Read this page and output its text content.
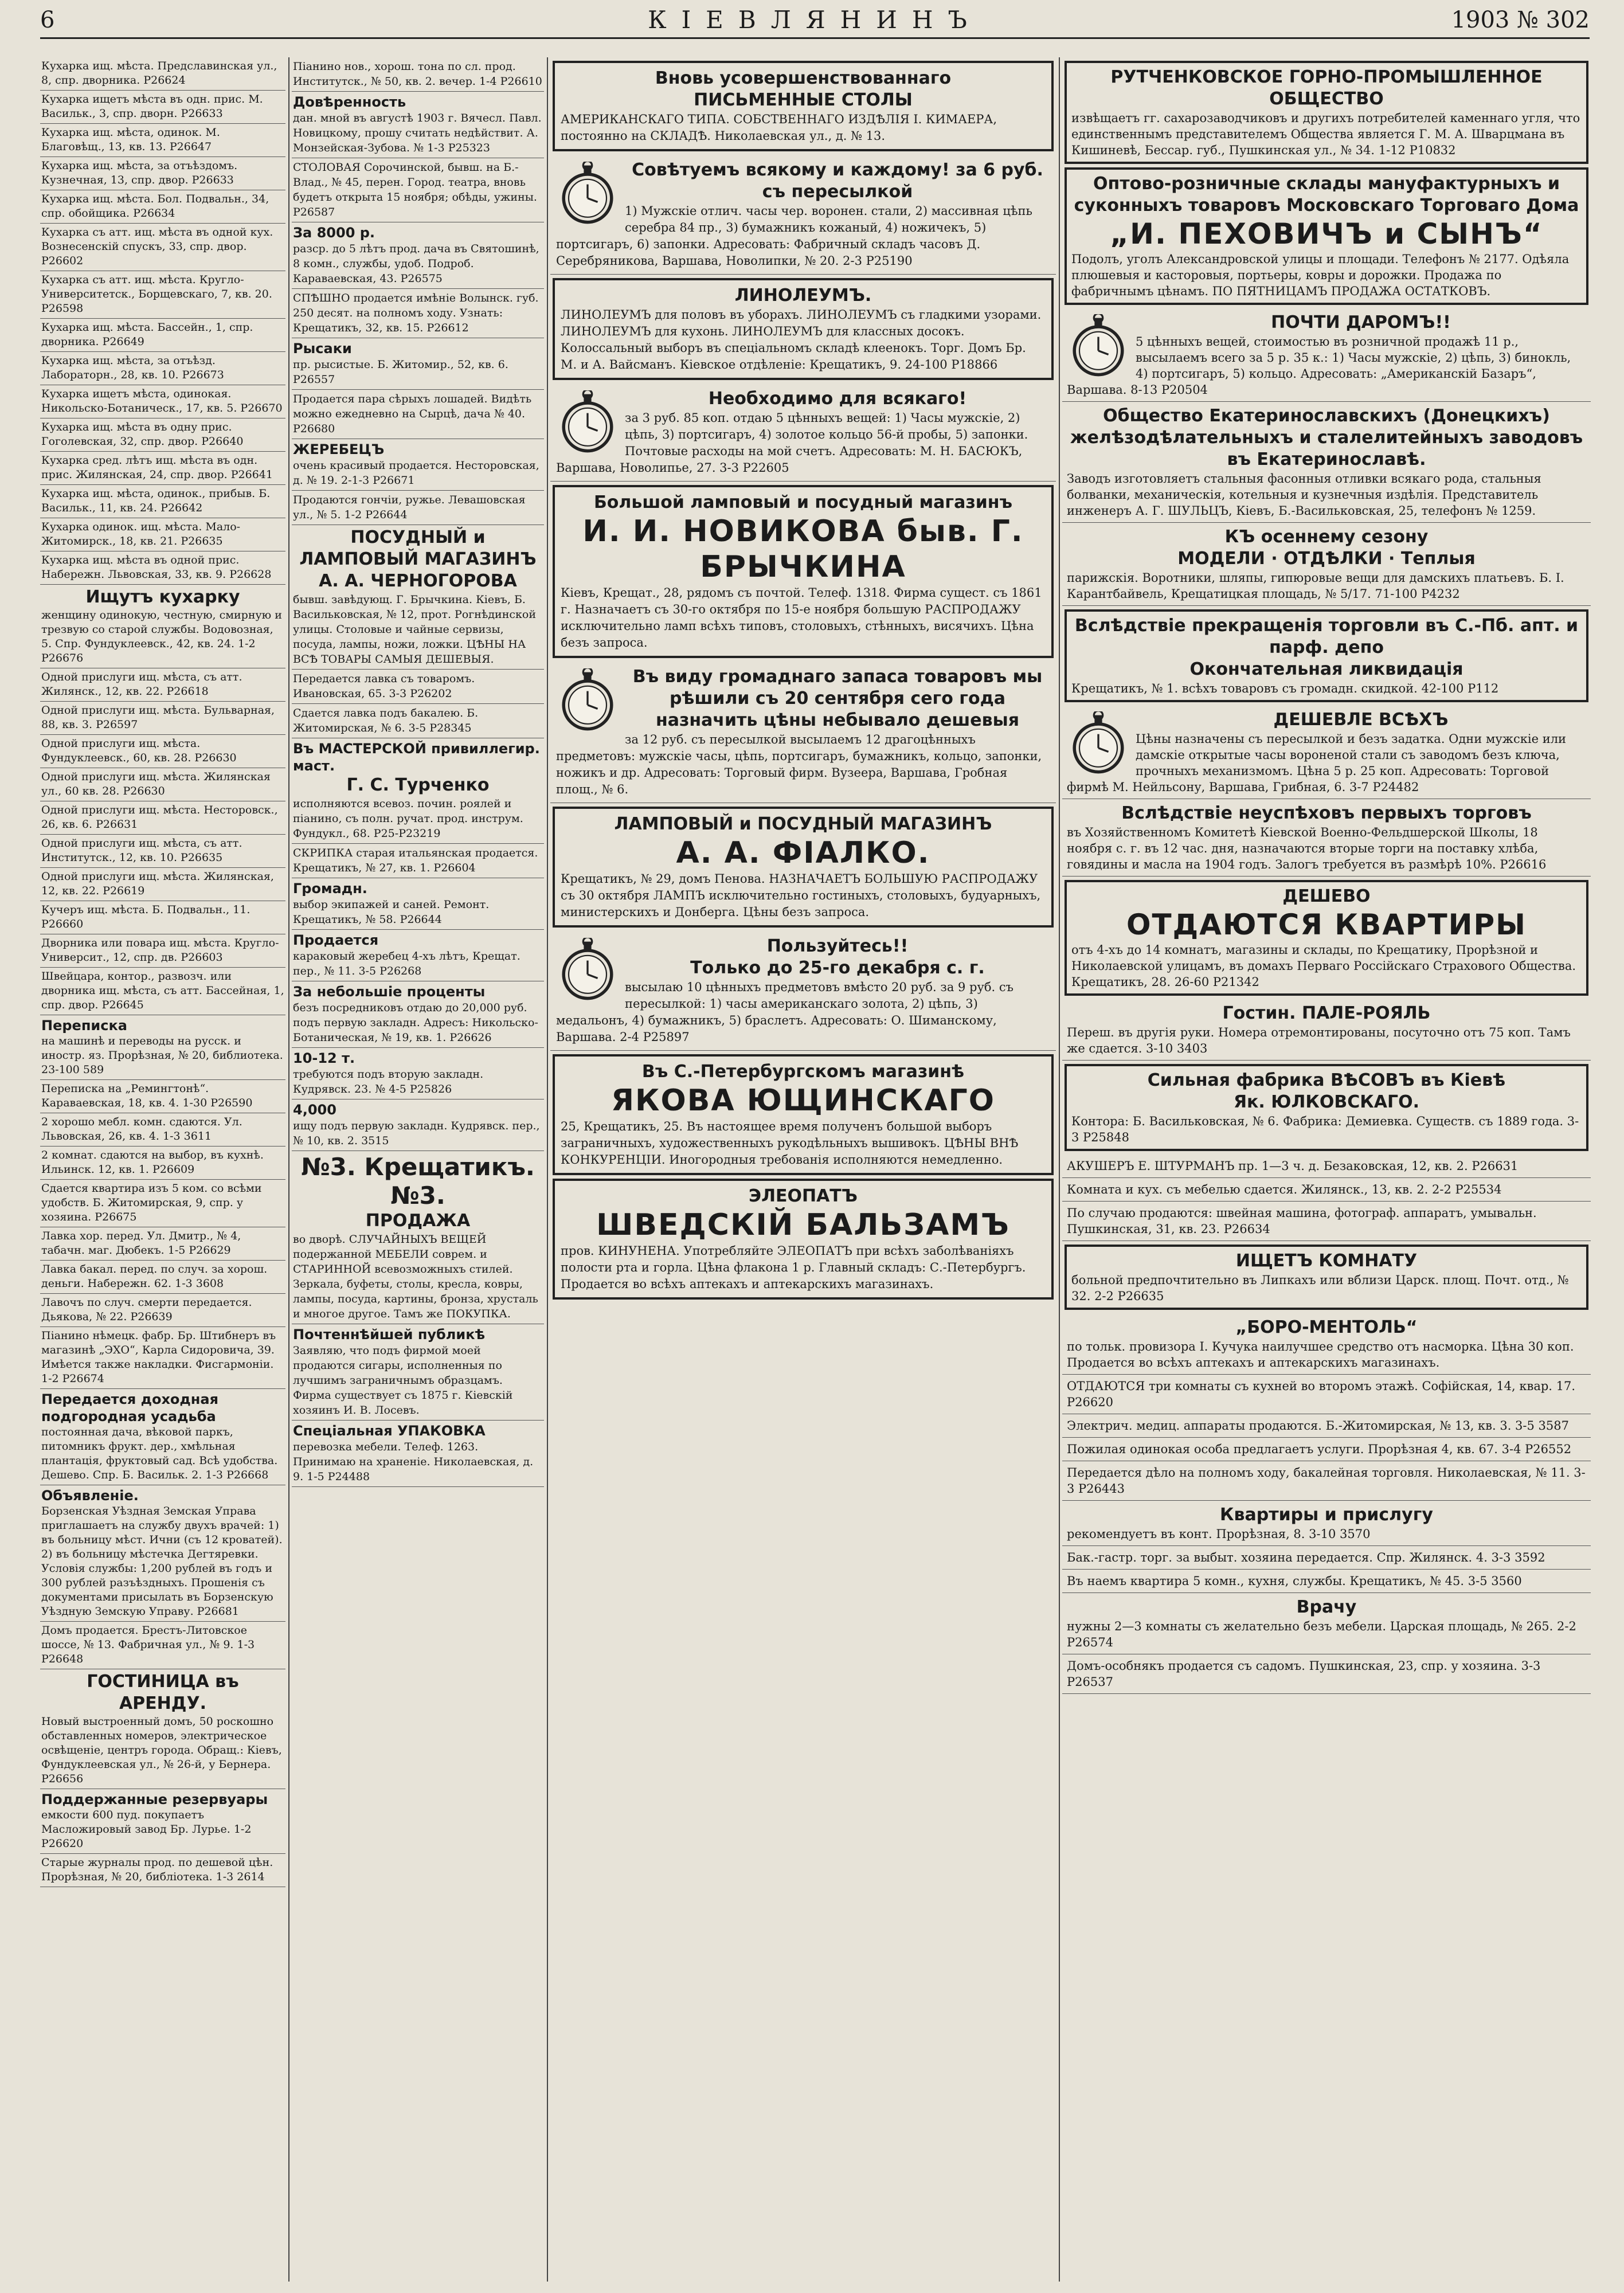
6	КІЕВЛЯНИНЪ	1903 № 302
Кухарка ищ. мѣста. Предславинская ул., 8, спр. дворника. Р26624
Кухарка ищетъ мѣста въ одн. прис. М. Васильк., 3, спр. дворн. Р26633
Кухарка ищ. мѣста, одинок. М. Благовѣщ., 13, кв. 13. Р26647
Кухарка ищ. мѣста, за отъѣздомъ. Кузнечная, 13, спр. двор. Р26633
Кухарка ищ. мѣста. Бол. Подвальн., 34, спр. обойщика. Р26634
Кухарка съ атт. ищ. мѣста въ одной кух. Вознесенскій спускъ, 33, спр. двор. Р26602
Кухарка съ атт. ищ. мѣста. Кругло-Университетск., Борщевскаго, 7, кв. 20. Р26598
Кухарка ищ. мѣста. Бассейн., 1, спр. дворника. Р26649
Кухарка ищ. мѣста, за отъѣзд. Лабораторн., 28, кв. 10. Р26673
Кухарка ищетъ мѣста, одинокая. Никольско-Ботаническ., 17, кв. 5. Р26670
Кухарка ищ. мѣста въ одну прис. Гоголевская, 32, спр. двор. Р26640
Кухарка сред. лѣтъ ищ. мѣста въ одн. прис. Жилянская, 24, спр. двор. Р26641
Кухарка ищ. мѣста, одинок., прибыв. Б. Васильк., 11, кв. 24. Р26642
Кухарка одинок. ищ. мѣста. Мало-Житомирск., 18, кв. 21. Р26635
Кухарка ищ. мѣста въ одной прис. Набережн. Львовская, 33, кв. 9. Р26628
Ищутъ кухарку
женщину одинокую, честную, смирную и трезвую со старой службы. Водовозная, 5. Спр. Фундуклеевск., 42, кв. 24. 1-2 Р26676
Одной прислуги ищ. мѣста, съ атт. Жилянск., 12, кв. 22. Р26618
Одной прислуги ищ. мѣста. Бульварная, 88, кв. 3. Р26597
Одной прислуги ищ. мѣста. Фундуклеевск., 60, кв. 28. Р26630
Одной прислуги ищ. мѣста. Жилянская ул., 60 кв. 28. Р26630
Одной прислуги ищ. мѣста. Несторовск., 26, кв. 6. Р26631
Одной прислуги ищ. мѣста, съ атт. Институтск., 12, кв. 10. Р26635
Одной прислуги ищ. мѣста. Жилянская, 12, кв. 22. Р26619
Кучеръ ищ. мѣста. Б. Подвальн., 11. Р26660
Дворника или повара ищ. мѣста. Кругло-Университ., 12, спр. дв. Р26603
Швейцара, контор., развозч. или дворника ищ. мѣста, съ атт. Бассейная, 1, спр. двор. Р26645
Переписка
на машинѣ и переводы на русск. и иностр. яз. Прорѣзная, № 20, библиотека. 23-100 589
Переписка на „Ремингтонѣ“. Караваевская, 18, кв. 4. 1-30 Р26590
2 хорошо мебл. комн. сдаются. Ул. Львовская, 26, кв. 4. 1-3 3611
2 комнат. сдаются на выбор, въ кухнѣ. Ильинск. 12, кв. 1. Р26609
Сдается квартира изъ 5 ком. со всѣми удобств. Б. Житомирская, 9, спр. у хозяина. Р26675
Лавка хор. перед. Ул. Дмитр., № 4, табачн. маг. Дюбекъ. 1-5 Р26629
Лавка бакал. перед. по случ. за хорош. деньги. Набережн. 62. 1-3 3608
Лавочъ по случ. смерти передается. Дьякова, № 22. Р26639
Піанино нѣмецк. фабр. Бр. Штибнеръ въ магазинѣ „ЭХО“, Карла Сидоровича, 39. Имѣется также накладки. Фисгармоніи. 1-2 Р26674
Передается доходная подгородная усадьба
постоянная дача, вѣковой паркъ, питомникъ фрукт. дер., хмѣльная плантація, фруктовый сад. Всѣ удобства. Дешево. Спр. Б. Васильк. 2. 1-3 Р26668
Объявленіе.
Борзенская Уѣздная Земская Управа приглашаетъ на службу двухъ врачей: 1) въ больницу мѣст. Ични (съ 12 кроватей). 2) въ больницу мѣстечка Дегтяревки. Условія службы: 1,200 рублей въ годъ и 300 рублей разъѣздныхъ. Прошенія съ документами присылать въ Борзенскую Уѣздную Земскую Управу. Р26681
Домъ продается. Брестъ-Литовское шоссе, № 13. Фабричная ул., № 9. 1-3 Р26648
ГОСТИНИЦА въ АРЕНДУ.
Новый выстроенный домъ, 50 роскошно обставленных номеров, электрическое освѣщеніе, центръ города. Обращ.: Кіевъ, Фундуклеевская ул., № 26-й, у Бернера. Р26656
Поддержанные резервуары
емкости 600 пуд. покупаетъ Масложировый завод Бр. Лурье. 1-2 Р26620
Старые журналы прод. по дешевой цѣн. Прорѣзная, № 20, библіотека. 1-3 2614
Піанино нов., хорош. тона по сл. прод. Институтск., № 50, кв. 2. вечер. 1-4 Р26610
Довѣренность
дан. мной въ августѣ 1903 г. Вячесл. Павл. Новицкому, прошу считать недѣйствит. А. Монзейская-Зубова. № 1-3 Р25323
СТОЛОВАЯ Сорочинской, бывш. на Б.-Влад., № 45, перен. Город. театра, вновь будетъ открыта 15 ноября; обѣды, ужины. Р26587
За 8000 р.
разср. до 5 лѣтъ прод. дача въ Святошинѣ, 8 комн., службы, удоб. Подроб. Караваевская, 43. Р26575
СПѢШНО продается имѣніе Волынск. губ. 250 десят. на полномъ ходу. Узнать: Крещатикъ, 32, кв. 15. Р26612
Рысаки
пр. рысистые. Б. Житомир., 52, кв. 6. Р26557
Продается пара сѣрыхъ лошадей. Видѣть можно ежедневно на Сырцѣ, дача № 40. Р26680
ЖЕРЕБЕЦЪ
очень красивый продается. Несторовская, д. № 19. 2-1-3 Р26671
Продаются гончіи, ружье. Левашовская ул., № 5. 1-2 Р26644
ПОСУДНЫЙ и ЛАМПОВЫЙ МАГАЗИНЪ
А. А. ЧЕРНОГОРОВА
бывш. завѣдующ. Г. Брычкина. Кіевъ, Б. Васильковская, № 12, прот. Рогнѣдинской улицы. Столовые и чайные сервизы, посуда, лампы, ножи, ложки. ЦѢНЫ НА ВСѢ ТОВАРЫ САМЫЯ ДЕШЕВЫЯ.
Передается лавка съ товаромъ. Ивановская, 65. 3-3 Р26202
Сдается лавка подъ бакалею. Б. Житомирская, № 6. 3-5 Р28345
Въ МАСТЕРСКОЙ привиллегир. маст.
Г. С. Турченко
исполняются всевоз. почин. роялей и піанино, съ полн. ручат. прод. инструм. Фундукл., 68. Р25-Р23219
СКРИПКА старая итальянская продается. Крещатикъ, № 27, кв. 1. Р26604
Громадн.
выбор экипажей и саней. Ремонт. Крещатикъ, № 58. Р26644
Продается
караковый жеребец 4-хъ лѣтъ, Крещат. пер., № 11. 3-5 Р26268
За небольшіе проценты
безъ посредниковъ отдаю до 20,000 руб. подъ первую закладн. Адресъ: Никольско-Ботаническая, № 19, кв. 1. Р26626
10-12 т.
требуются подъ вторую закладн. Кудрявск. 23. № 4-5 Р25826
4,000
ищу подъ первую закладн. Кудрявск. пер., № 10, кв. 2. 3515
№3. Крещатикъ. №3.
ПРОДАЖА
во дворѣ. СЛУЧАЙНЫХЪ ВЕЩЕЙ подержанной МЕБЕЛИ соврем. и СТАРИННОЙ всевозможныхъ стилей. Зеркала, буфеты, столы, кресла, ковры, лампы, посуда, картины, бронза, хрусталь и многое другое. Тамъ же ПОКУПКА.
Почтеннѣйшей публикѣ
Заявляю, что подъ фирмой моей продаются сигары, исполненныя по лучшимъ заграничнымъ образцамъ. Фирма существует съ 1875 г. Кіевскій хозяинъ И. В. Лосевъ.
Спеціальная УПАКОВКА
перевозка мебели. Телеф. 1263. Принимаю на храненіе. Николаевская, д. 9. 1-5 Р24488
Вновь усовершенствованнаго
ПИСЬМЕННЫЕ СТОЛЫ
АМЕРИКАНСКАГО ТИПА. СОБСТВЕННАГО ИЗДѢЛІЯ І. КИМАЕРА, постоянно на СКЛАДѢ. Николаевская ул., д. № 13.
Совѣтуемъ всякому и каждому! за 6 руб. съ пересылкой
1) Мужскіе отлич. часы чер. воронен. стали, 2) массивная цѣпь серебра 84 пр., 3) бумажникъ кожаный, 4) ножичекъ, 5) портсигаръ, 6) запонки. Адресовать: Фабричный складъ часовъ Д. Серебряникова, Варшава, Новолипки, № 20. 2-3 Р25190
ЛИНОЛЕУМЪ.
ЛИНОЛЕУМЪ для половъ въ уборахъ. ЛИНОЛЕУМЪ съ гладкими узорами. ЛИНОЛЕУМЪ для кухонь. ЛИНОЛЕУМЪ для классных досокъ. Колоссальный выборъ въ спеціальномъ складѣ клеенокъ. Торг. Домъ Бр. М. и А. Вайсманъ. Кіевское отдѣленіе: Крещатикъ, 9. 24-100 Р18866
Необходимо для всякаго!
за 3 руб. 85 коп. отдаю 5 цѣнныхъ вещей: 1) Часы мужскіе, 2) цѣпь, 3) портсигаръ, 4) золотое кольцо 56-й пробы, 5) запонки. Почтовые расходы на мой счетъ. Адресовать: М. Н. БАСЮКЪ, Варшава, Новолипье, 27. 3-3 Р22605
Большой ламповый и посудный магазинъ
И. И. НОВИКОВА быв. Г. БРЫЧКИНА
Кіевъ, Крещат., 28, рядомъ съ почтой. Телеф. 1318. Фирма сущест. съ 1861 г. Назначаетъ съ 30-го октября по 15-е ноября большую РАСПРОДАЖУ исключительно ламп всѣхъ типовъ, столовыхъ, стѣнныхъ, висячихъ. Цѣна безъ запроса.
Въ виду громаднаго запаса товаровъ мы рѣшили съ 20 сентября сего года назначить цѣны небывало дешевыя
за 12 руб. съ пересылкой высылаемъ 12 драгоцѣнныхъ предметовъ: мужскіе часы, цѣпь, портсигаръ, бумажникъ, кольцо, запонки, ножикъ и др. Адресовать: Торговый фирм. Вузеера, Варшава, Гробная площ., № 6.
ЛАМПОВЫЙ и ПОСУДНЫЙ МАГАЗИНЪ
А. А. ФІАЛКО.
Крещатикъ, № 29, домъ Пенова. НАЗНАЧАЕТЪ БОЛЬШУЮ РАСПРОДАЖУ съ 30 октября ЛАМПЪ исключительно гостиныхъ, столовыхъ, будуарныхъ, министерскихъ и Донберга. Цѣны безъ запроса.
Пользуйтесь!!
Только до 25-го декабря с. г.
высылаю 10 цѣнныхъ предметовъ вмѣсто 20 руб. за 9 руб. съ пересылкой: 1) часы американскаго золота, 2) цѣпь, 3) медальонъ, 4) бумажникъ, 5) браслетъ. Адресовать: О. Шиманскому, Варшава. 2-4 Р25897
Въ С.-Петербургскомъ магазинѣ
ЯКОВА ЮЩИНСКАГО
25, Крещатикъ, 25. Въ настоящее время полученъ большой выборъ заграничныхъ, художественныхъ рукодѣльныхъ вышивокъ. ЦѢНЫ ВНѢ КОНКУРЕНЦІИ. Иногородныя требованія исполняются немедленно.
ЭЛЕОПАТЪ
ШВЕДСКІЙ БАЛЬЗАМЪ
пров. КИНУНЕНА. Употребляйте ЭЛЕОПАТЪ при всѣхъ заболѣваніяхъ полости рта и горла. Цѣна флакона 1 р. Главный складъ: С.-Петербургъ. Продается во всѣхъ аптекахъ и аптекарскихъ магазинахъ.
РУТЧЕНКОВСКОЕ ГОРНО-ПРОМЫШЛЕННОЕ ОБЩЕСТВО
извѣщаетъ гг. сахарозаводчиковъ и другихъ потребителей каменнаго угля, что единственнымъ представителемъ Общества является Г. М. А. Шварцмана въ Кишиневѣ, Бессар. губ., Пушкинская ул., № 34. 1-12 Р10832
Оптово-розничные склады мануфактурныхъ и суконныхъ товаровъ Московскаго Торговаго Дома
„И. ПЕХОВИЧЪ и СЫНЪ“
Подолъ, уголъ Александровской улицы и площади. Телефонъ № 2177. Одѣяла плюшевыя и касторовыя, портьеры, ковры и дорожки. Продажа по фабричнымъ цѣнамъ. ПО ПЯТНИЦАМЪ ПРОДАЖА ОСТАТКОВЪ.
ПОЧТИ ДАРОМЪ!!
5 цѣнныхъ вещей, стоимостью въ розничной продажѣ 11 р., высылаемъ всего за 5 р. 35 к.: 1) Часы мужскіе, 2) цѣпь, 3) бинокль, 4) портсигаръ, 5) кольцо. Адресовать: „Американскій Базаръ“, Варшава. 8-13 Р20504
Общество Екатеринославскихъ (Донецкихъ) желѣзодѣлательныхъ и сталелитейныхъ заводовъ въ Екатеринославѣ.
Заводъ изготовляетъ стальныя фасонныя отливки всякаго рода, стальныя болванки, механическія, котельныя и кузнечныя издѣлія. Представитель инженеръ А. Г. ШУЛЬЦЪ, Кіевъ, Б.-Васильковская, 25, телефонъ № 1259.
КЪ осеннему сезону
МОДЕЛИ · ОТДѢЛКИ · Теплыя
парижскія. Воротники, шляпы, гипюровые вещи для дамскихъ платьевъ. Б. І. Карантбайвель, Крещатицкая площадь, № 5/17. 71-100 Р4232
Вслѣдствіе прекращенія торговли въ С.-Пб. апт. и парф. депо
Окончательная ликвидація
Крещатикъ, № 1. всѣхъ товаровъ съ громадн. скидкой. 42-100 Р112
ДЕШЕВЛЕ ВСѢХЪ
Цѣны назначены съ пересылкой и безъ задатка. Одни мужскіе или дамскіе открытые часы вороненой стали съ заводомъ безъ ключа, прочныхъ механизмомъ. Цѣна 5 р. 25 коп. Адресовать: Торговой фирмѣ М. Нейльсону, Варшава, Грибная, 6. 3-7 Р24482
Вслѣдствіе неуспѣховъ первыхъ торговъ
въ Хозяйственномъ Комитетѣ Кіевской Военно-Фельдшерской Школы, 18 ноября с. г. въ 12 час. дня, назначаются вторые торги на поставку хлѣба, говядины и масла на 1904 годъ. Залогъ требуется въ размѣрѣ 10%. Р26616
ДЕШЕВО
ОТДАЮТСЯ КВАРТИРЫ
отъ 4-хъ до 14 комнатъ, магазины и склады, по Крещатику, Прорѣзной и Николаевской улицамъ, въ домахъ Перваго Россійскаго Страхового Общества. Крещатикъ, 28. 26-60 Р21342
Гостин. ПАЛЕ-РОЯЛЬ
Переш. въ другія руки. Номера отремонтированы, посуточно отъ 75 коп. Тамъ же сдается. 3-10 3403
Сильная фабрика ВѢСОВЪ въ Кіевѣ
Як. ЮЛКОВСКАГО.
Контора: Б. Васильковская, № 6. Фабрика: Демиевка. Существ. съ 1889 года. 3-3 Р25848
АКУШЕРЪ Е. ШТУРМАНЪ пр. 1—3 ч. д. Безаковская, 12, кв. 2. Р26631
Комната и кух. съ мебелью сдается. Жилянск., 13, кв. 2. 2-2 Р25534
По случаю продаются: швейная машина, фотограф. аппаратъ, умывальн. Пушкинская, 31, кв. 23. Р26634
ИЩЕТЪ КОМНАТУ
больной предпочтительно въ Липкахъ или вблизи Царск. площ. Почт. отд., № 32. 2-2 Р26635
„БОРО-МЕНТОЛЬ“
по тольк. провизора І. Кучука наилучшее средство отъ насморка. Цѣна 30 коп. Продается во всѣхъ аптекахъ и аптекарскихъ магазинахъ.
ОТДАЮТСЯ три комнаты съ кухней во второмъ этажѣ. Софійская, 14, квар. 17. Р26620
Электрич. медиц. аппараты продаются. Б.-Житомирская, № 13, кв. 3. 3-5 3587
Пожилая одинокая особа предлагаетъ услуги. Прорѣзная 4, кв. 67. 3-4 Р26552
Передается дѣло на полномъ ходу, бакалейная торговля. Николаевская, № 11. 3-3 Р26443
Квартиры и прислугу
рекомендуетъ въ конт. Прорѣзная, 8. 3-10 3570
Бак.-гастр. торг. за выбыт. хозяина передается. Спр. Жилянск. 4. 3-3 3592
Въ наемъ квартира 5 комн., кухня, службы. Крещатикъ, № 45. 3-5 3560
Врачу
нужны 2—3 комнаты съ желательно безъ мебели. Царская площадь, № 265. 2-2 Р26574
Домъ-особнякъ продается съ садомъ. Пушкинская, 23, спр. у хозяина. 3-3 Р26537
